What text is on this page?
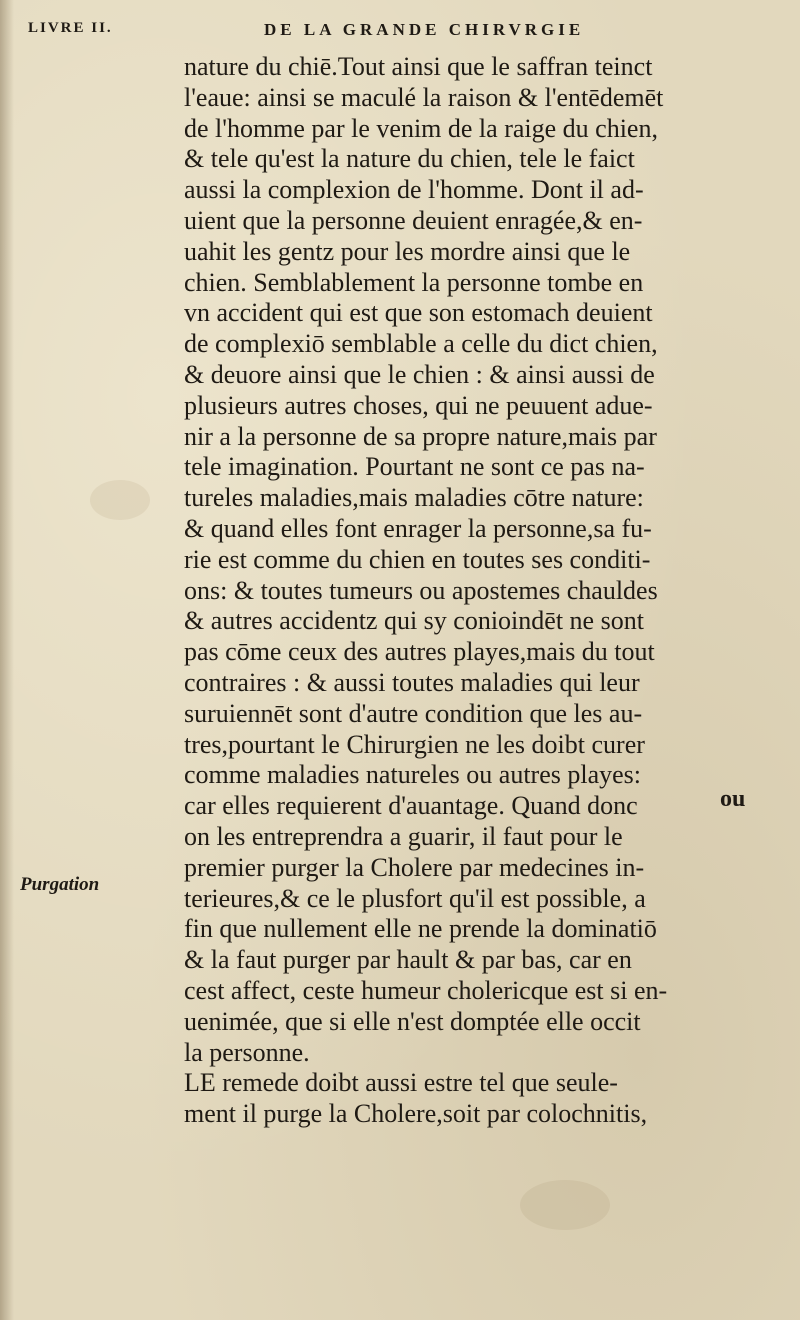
LIVRE II.	DE LA GRANDE CHIRVRGIE
nature du chiē.Tout ainsi que le saffran teinct
l'eaue: ainsi se maculé la raison & l'entēdemēt
de l'homme par le venim de la raige du chien,
& tele qu'est la nature du chien, tele le faict
aussi la complexion de l'homme. Dont il ad-
uient que la personne deuient enragée,& en-
uahit les gentz pour les mordre ainsi que le
chien. Semblablement la personne tombe en
vn accident qui est que son estomach deuient
de complexiō semblable a celle du dict chien,
& deuore ainsi que le chien : & ainsi aussi de
plusieurs autres choses, qui ne peuuent adue-
nir a la personne de sa propre nature,mais par
tele imagination. Pourtant ne sont ce pas na-
tureles maladies,mais maladies cōtre nature:
& quand elles font enrager la personne,sa fu-
rie est comme du chien en toutes ses conditi-
ons: & toutes tumeurs ou apostemes chauldes
& autres accidentz qui sy conioindēt ne sont
pas cōme ceux des autres playes,mais du tout
contraires : & aussi toutes maladies qui leur
suruiennēt sont d'autre condition que les au-
tres,pourtant le Chirurgien ne les doibt curer
comme maladies natureles ou autres playes:
car elles requierent d'auantage. Quand donc
on les entreprendra a guarir, il faut pour le
premier purger la Cholere par medecines in-
terieures,& ce le plusfort qu'il est possible, a
fin que nullement elle ne prende la dominatiō
& la faut purger par hault & par bas, car en
cest affect, ceste humeur cholericque est si en-
uenimée, que si elle n'est domptée elle occit
la personne.
LE remede doibt aussi estre tel que seule-
ment il purge la Cholere,soit par colochnitis,
Purgation
ou
